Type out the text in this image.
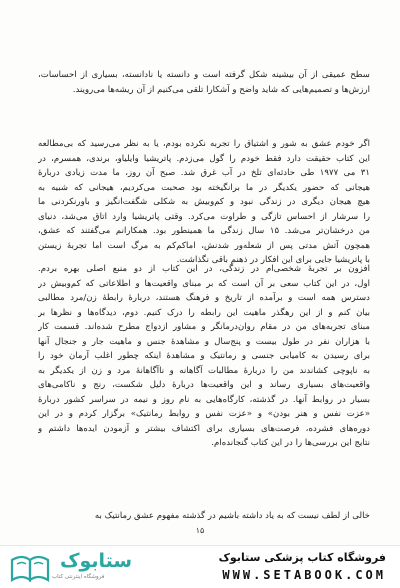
سطح عمیقی از آن بیشینه شکل گرفته است و دانسته یا نادانسته، بسیاری از احساسات،
ارزش‌ها و تصمیم‌هایی که شاید واضح و آشکارا تلقی می‌کنیم از آن ریشه‌ها می‌رویند.
اگر خودم عشق به شور و اشتیاق را تجربه نکرده بودم، یا به نظر می‌رسید که بی‌مطالعه
این کتاب حقیقت دارد فقط خودم را گول می‌زدم. پاتریشیا وایلیاو، برندی، همسرم، در
۳۱ می ۱۹۷۷ طی حادثه‌ای تلخ در آب غرق شد. صبح آن روز، ما مدت زیادی دربارهٔ
هیجانی که حضور یکدیگر در ما برانگیخته بود صحبت می‌کردیم، هیجانی که شبیه به
هیچ هیجان دیگری در زندگی نبود و کم‌وبیش به شکلی شگفت‌انگیز و باورنکردنی ما
را سرشار از احساس تازگی و طراوت می‌کرد. وقتی پاتریشیا وارد اتاق می‌شد، دنیای
من درخشان‌تر می‌شد. ۱۵ سال زندگی ما همینطور بود. همکارانم می‌گفتند که عشق،
همچون آتش مدتی پس از شعله‌ور شدنش، اماکم‌کم به مرگ است اما تجربهٔ زیستن
با پاتریشیا جایی برای این افکار در ذهنم باقی نگذاشت.
افزون بر تجربهٔ شخصی‌ام در زندگی، در این کتاب از دو منبع اصلی بهره بردم.
اول، در این کتاب سعی بر آن است که بر مبنای واقعیت‌ها و اطلاعاتی که کم‌وبیش در
دسترس همه است و برآمده از تاریخ و فرهنگ هستند، دربارهٔ رابطهٔ زن/مرد مطالبی
بیان کنم و از این رهگذر ماهیت این رابطه را درک کنیم. دوم، دیدگاه‌ها و نظرها بر
مبنای تجربه‌های من در مقام روان‌درمانگر و مشاور ازدواج مطرح شده‌اند. قسمت کار
با هزاران نفر در طول بیست و پنج‌سال و مشاهدهٔ جنس و ماهیت جار و جنجال آنها
برای رسیدن به کامیابی جنسی و رمانتیک و مشاهدهٔ اینکه چطور اغلب آرمان خود را
به ناپوچی کشاندند من را دربارهٔ مطالبات آگاهانه و ناآگاهانهٔ مرد و زن از یکدیگر به
واقعیت‌های بسیاری رساند و این واقعیت‌ها دربارهٔ دلیل شکست، رنج و ناکامی‌های
بسیار در روابط آنها. در گذشته، کارگاه‌هایی به نام روز و نیمه در سراسر کشور دربارهٔ
«عزت نفس و هنر بودن» و «عزت نفس و روابط رمانتیک» برگزار کردم و در این
دوره‌های فشرده، فرصت‌های بسیاری برای اکتشاف بیشتر و آزمودن ایده‌ها داشتم و
نتایج این بررسی‌ها را در این کتاب گنجانده‌ام.
خالی از لطف نیست که به یاد داشته باشیم در گذشته مفهوم عشق رمانتیک به
۱۵
ستابوک
فروشگاه اینترنتی کتاب
فروشگاه کتاب پزشکی ستابوک
WWW.SETABOOK.COM
